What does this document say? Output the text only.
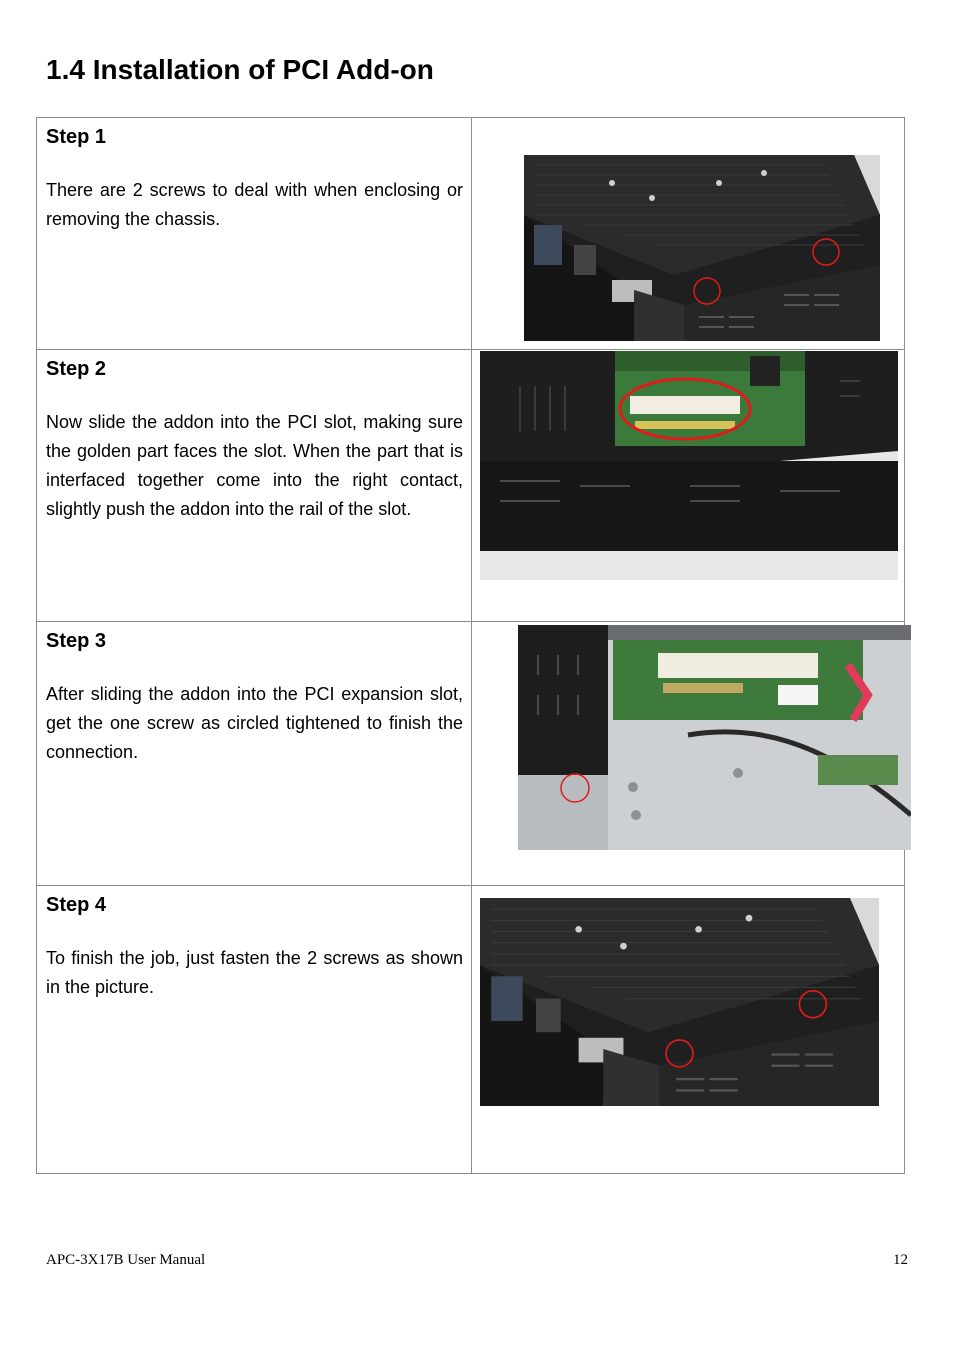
1.4 Installation of PCI Add-on
Step 1
There are 2 screws to deal with when enclosing or removing the chassis.

Step 2
Now slide the addon into the PCI slot, making sure the golden part faces the slot. When the part that is interfaced together come into the right contact, slightly push the addon into the rail of the slot.

Step 3
After sliding the addon into the PCI expansion slot, get the one screw as circled tightened to finish the connection.

Step 4
To finish the job, just fasten the 2 screws as shown in the picture.

APC-3X17B User Manual	12
